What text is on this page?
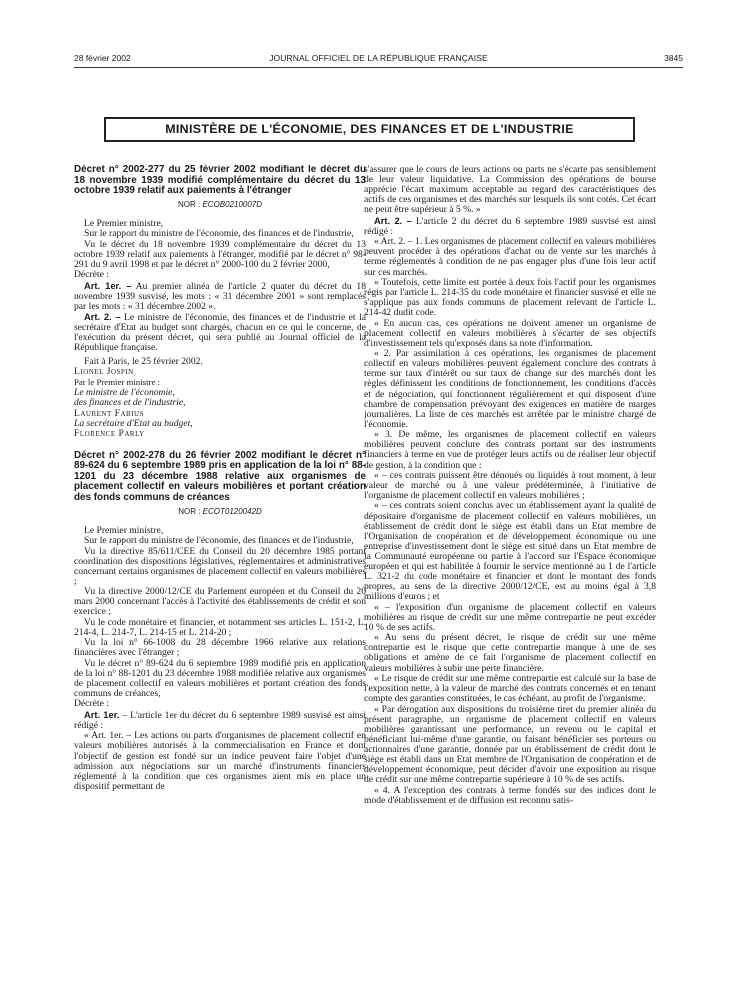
28 février 2002	JOURNAL OFFICIEL DE LA RÉPUBLIQUE FRANÇAISE	3845
MINISTÈRE DE L'ÉCONOMIE, DES FINANCES ET DE L'INDUSTRIE

Décret n° 2002-277 du 25 février 2002 modifiant le décret du 18 novembre 1939 modifié complémentaire du décret du 13 octobre 1939 relatif aux paiements à l'étranger

NOR : ECOB0210007D

Le Premier ministre,

Sur le rapport du ministre de l'économie, des finances et de l'industrie,

Vu le décret du 18 novembre 1939 complémentaire du décret du 13 octobre 1939 relatif aux paiements à l'étranger, modifié par le décret n° 98-291 du 9 avril 1998 et par le décret n° 2000-100 du 2 février 2000,

Décrète :

Art. 1er. – Au premier alinéa de l'article 2 quater du décret du 18 novembre 1939 susvisé, les mots : « 31 décembre 2001 » sont remplacés par les mots : « 31 décembre 2002 ».

Art. 2. – Le ministre de l'économie, des finances et de l'industrie et la secrétaire d'Etat au budget sont chargés, chacun en ce qui le concerne, de l'exécution du présent décret, qui sera publié au Journal officiel de la République française.

Fait à Paris, le 25 février 2002.

Lionel Jospin

Par le Premier ministre :

Le ministre de l'économie,

des finances et de l'industrie,

Laurent Fabius

La secrétaire d'Etat au budget,

Florence Parly

Décret n° 2002-278 du 26 février 2002 modifiant le décret n° 89-624 du 6 septembre 1989 pris en application de la loi n° 88-1201 du 23 décembre 1988 relative aux organismes de placement collectif en valeurs mobilières et portant création des fonds communs de créances

NOR : ECOT0120042D

Le Premier ministre,

Sur le rapport du ministre de l'économie, des finances et de l'industrie,

Vu la directive 85/611/CEE du Conseil du 20 décembre 1985 portant coordination des dispositions législatives, réglementaires et administratives concernant certains organismes de placement collectif en valeurs mobilières ;

Vu la directive 2000/12/CE du Parlement européen et du Conseil du 20 mars 2000 concernant l'accès à l'activité des établissements de crédit et son exercice ;

Vu le code monétaire et financier, et notamment ses articles L. 151-2, L. 214-4, L. 214-7, L. 214-15 et L. 214-20 ;

Vu la loi n° 66-1008 du 28 décembre 1966 relative aux relations financières avec l'étranger ;

Vu le décret n° 89-624 du 6 septembre 1989 modifié pris en application de la loi n° 88-1201 du 23 décembre 1988 modifiée relative aux organismes de placement collectif en valeurs mobilières et portant création des fonds communs de créances,

Décrète :

Art. 1er. – L'article 1er du décret du 6 septembre 1989 susvisé est ainsi rédigé :

« Art. 1er. – Les actions ou parts d'organismes de placement collectif en valeurs mobilières autorisés à la commercialisation en France et dont l'objectif de gestion est fondé sur un indice peuvent faire l'objet d'une admission aux négociations sur un marché d'instruments financiers réglementé à la condition que ces organismes aient mis en place un dispositif permettant de

s'assurer que le cours de leurs actions ou parts ne s'écarte pas sensiblement de leur valeur liquidative. La Commission des opérations de bourse apprécie l'écart maximum acceptable au regard des caractéristiques des actifs de ces organismes et des marchés sur lesquels ils sont cotés. Cet écart ne peut être supérieur à 5 %. »

Art. 2. – L'article 2 du décret du 6 septembre 1989 susvisé est ainsi rédigé :

« Art. 2. – 1. Les organismes de placement collectif en valeurs mobilières peuvent procéder à des opérations d'achat ou de vente sur les marchés à terme réglementés à condition de ne pas engager plus d'une fois leur actif sur ces marchés.

« Toutefois, cette limite est portée à deux fois l'actif pour les organismes régis par l'article L. 214-35 du code monétaire et financier susvisé et elle ne s'applique pas aux fonds communs de placement relevant de l'article L. 214-42 dudit code.

« En aucun cas, ces opérations ne doivent amener un organisme de placement collectif en valeurs mobilières à s'écarter de ses objectifs d'investissement tels qu'exposés dans sa note d'information.

« 2. Par assimilation à ces opérations, les organismes de placement collectif en valeurs mobilières peuvent également conclure des contrats à terme sur taux d'intérêt ou sur taux de change sur des marchés dont les règles définissent les conditions de fonctionnement, les conditions d'accès et de négociation, qui fonctionnent régulièrement et qui disposent d'une chambre de compensation prévoyant des exigences en matière de marges journalières. La liste de ces marchés est arrêtée par le ministre chargé de l'économie.

« 3. De même, les organismes de placement collectif en valeurs mobilières peuvent conclure des contrats portant sur des instruments financiers à terme en vue de protéger leurs actifs ou de réaliser leur objectif de gestion, à la condition que :

« – ces contrats puissent être dénoués ou liquidés à tout moment, à leur valeur de marché ou à une valeur prédéterminée, à l'initiative de l'organisme de placement collectif en valeurs mobilières ;

« – ces contrats soient conclus avec un établissement ayant la qualité de dépositaire d'organisme de placement collectif en valeurs mobilières, un établissement de crédit dont le siège est établi dans un Etat membre de l'Organisation de coopération et de développement économique ou une entreprise d'investissement dont le siège est situé dans un Etat membre de la Communauté européenne ou partie à l'accord sur l'Espace économique européen et qui est habilitée à fournir le service mentionné au 1 de l'article L. 321-2 du code monétaire et financier et dont le montant des fonds propres, au sens de la directive 2000/12/CE, est au moins égal à 3,8 millions d'euros ; et

« – l'exposition d'un organisme de placement collectif en valeurs mobilières au risque de crédit sur une même contrepartie ne peut excéder 10 % de ses actifs.

« Au sens du présent décret, le risque de crédit sur une même contrepartie est le risque que cette contrepartie manque à une de ses obligations et amène de ce fait l'organisme de placement collectif en valeurs mobilières à subir une perte financière.

« Le risque de crédit sur une même contrepartie est calculé sur la base de l'exposition nette, à la valeur de marché des contrats concernés et en tenant compte des garanties constituées, le cas échéant, au profit de l'organisme.

« Par dérogation aux dispositions du troisième tiret du premier alinéa du présent paragraphe, un organisme de placement collectif en valeurs mobilières garantissant une performance, un revenu ou le capital et bénéficiant lui-même d'une garantie, ou faisant bénéficier ses porteurs ou actionnaires d'une garantie, donnée par un établissement de crédit dont le siège est établi dans un Etat membre de l'Organisation de coopération et de développement économique, peut décider d'avoir une exposition au risque de crédit sur une même contrepartie supérieure à 10 % de ses actifs.

« 4. A l'exception des contrats à terme fondés sur des indices dont le mode d'établissement et de diffusion est reconnu satis-
